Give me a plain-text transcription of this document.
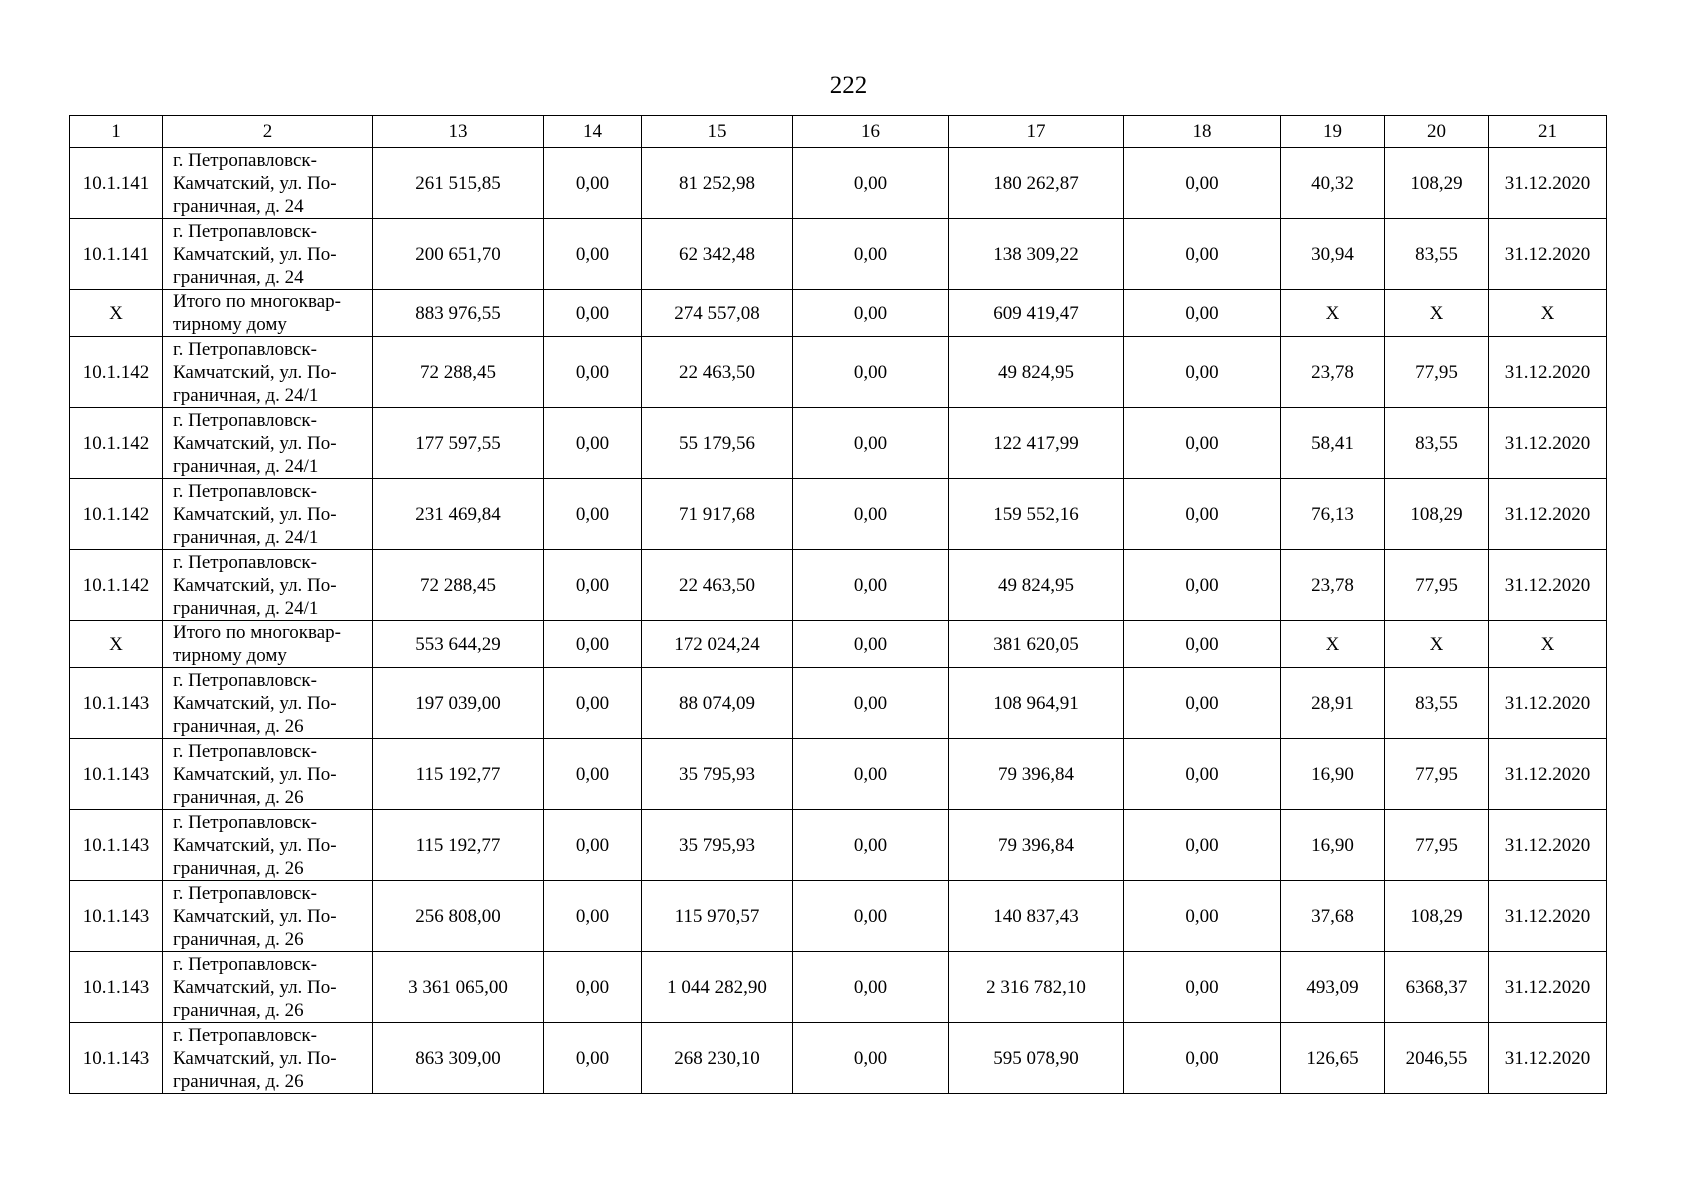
222
1	2	13	14	15	16	17	18	19	20	21
10.1.141	г. Петропавловск-
Камчатский, ул. По-
граничная, д. 24	261 515,85	0,00	81 252,98	0,00	180 262,87	0,00	40,32	108,29	31.12.2020
10.1.141	г. Петропавловск-
Камчатский, ул. По-
граничная, д. 24	200 651,70	0,00	62 342,48	0,00	138 309,22	0,00	30,94	83,55	31.12.2020
X	Итого по многоквар-
тирному дому	883 976,55	0,00	274 557,08	0,00	609 419,47	0,00	X	X	X
10.1.142	г. Петропавловск-
Камчатский, ул. По-
граничная, д. 24/1	72 288,45	0,00	22 463,50	0,00	49 824,95	0,00	23,78	77,95	31.12.2020
10.1.142	г. Петропавловск-
Камчатский, ул. По-
граничная, д. 24/1	177 597,55	0,00	55 179,56	0,00	122 417,99	0,00	58,41	83,55	31.12.2020
10.1.142	г. Петропавловск-
Камчатский, ул. По-
граничная, д. 24/1	231 469,84	0,00	71 917,68	0,00	159 552,16	0,00	76,13	108,29	31.12.2020
10.1.142	г. Петропавловск-
Камчатский, ул. По-
граничная, д. 24/1	72 288,45	0,00	22 463,50	0,00	49 824,95	0,00	23,78	77,95	31.12.2020
X	Итого по многоквар-
тирному дому	553 644,29	0,00	172 024,24	0,00	381 620,05	0,00	X	X	X
10.1.143	г. Петропавловск-
Камчатский, ул. По-
граничная, д. 26	197 039,00	0,00	88 074,09	0,00	108 964,91	0,00	28,91	83,55	31.12.2020
10.1.143	г. Петропавловск-
Камчатский, ул. По-
граничная, д. 26	115 192,77	0,00	35 795,93	0,00	79 396,84	0,00	16,90	77,95	31.12.2020
10.1.143	г. Петропавловск-
Камчатский, ул. По-
граничная, д. 26	115 192,77	0,00	35 795,93	0,00	79 396,84	0,00	16,90	77,95	31.12.2020
10.1.143	г. Петропавловск-
Камчатский, ул. По-
граничная, д. 26	256 808,00	0,00	115 970,57	0,00	140 837,43	0,00	37,68	108,29	31.12.2020
10.1.143	г. Петропавловск-
Камчатский, ул. По-
граничная, д. 26	3 361 065,00	0,00	1 044 282,90	0,00	2 316 782,10	0,00	493,09	6368,37	31.12.2020
10.1.143	г. Петропавловск-
Камчатский, ул. По-
граничная, д. 26	863 309,00	0,00	268 230,10	0,00	595 078,90	0,00	126,65	2046,55	31.12.2020
